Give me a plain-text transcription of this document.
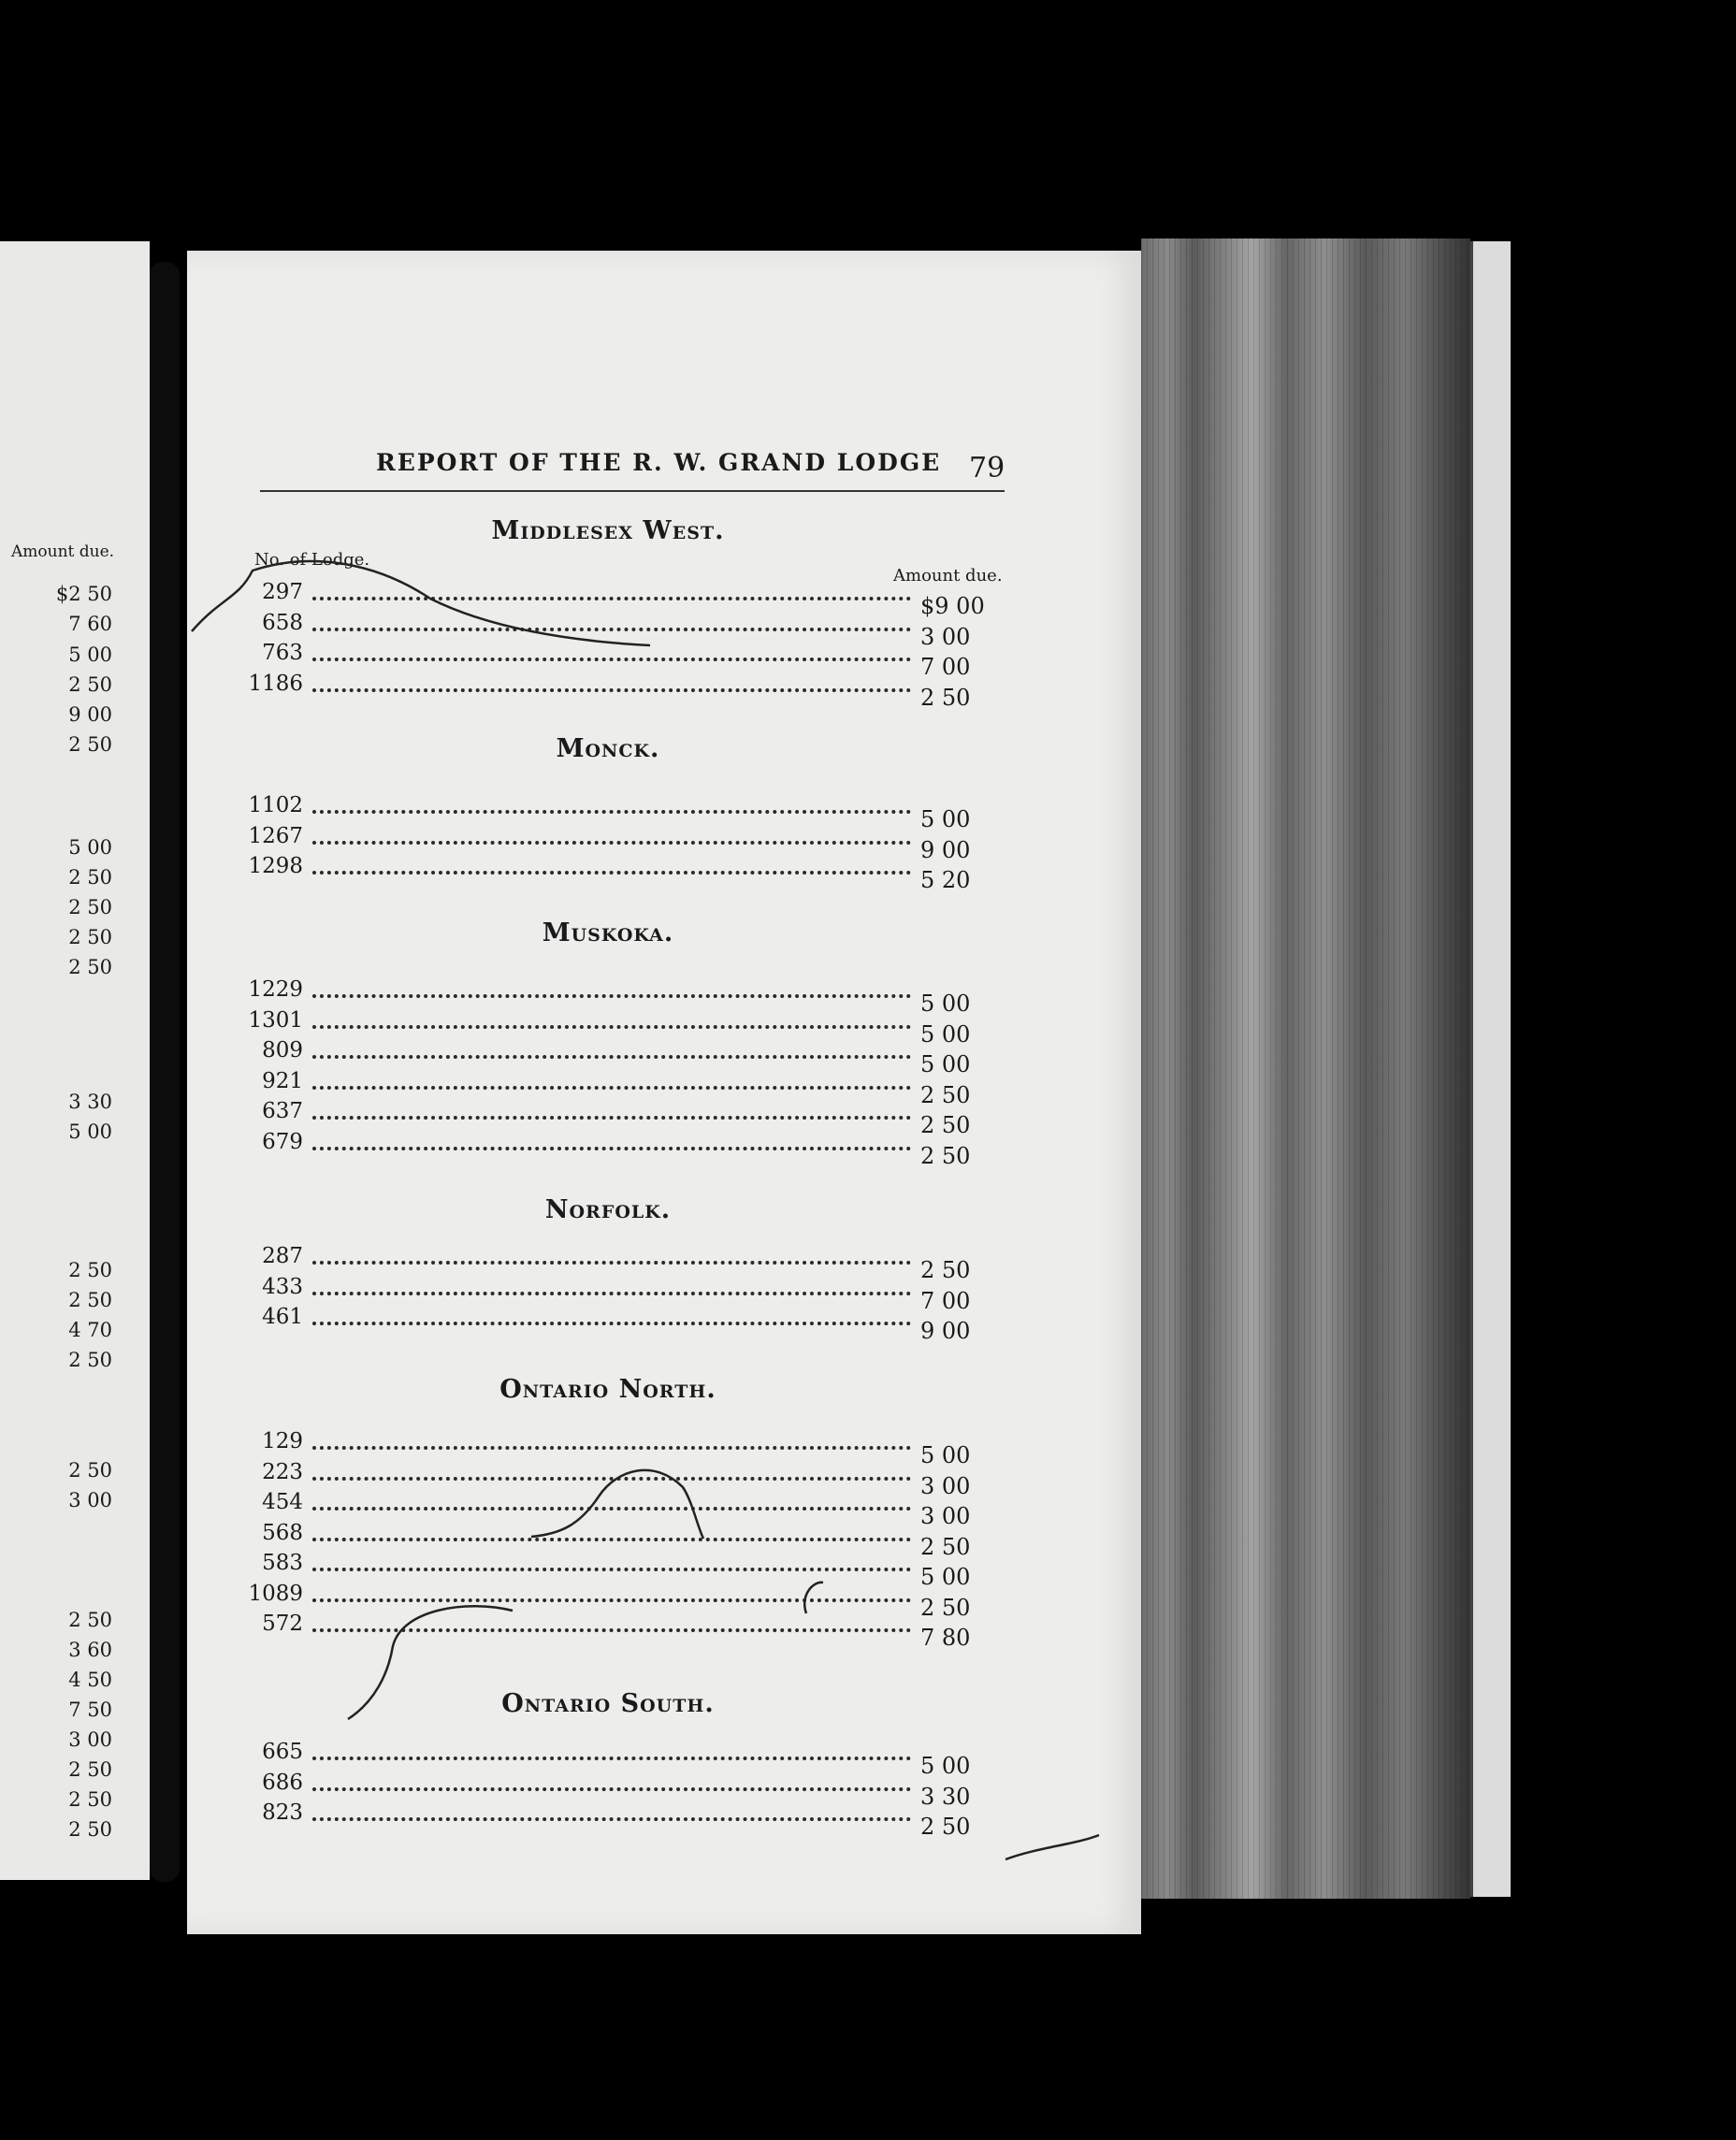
Amount due.
$2 50
7 60
5 00
2 50
9 00
2 50
5 00
2 50
2 50
2 50
2 50
3 30
5 00
2 50
2 50
4 70
2 50
2 50
3 00
2 50
3 60
4 50
7 50
3 00
2 50
2 50
2 50
REPORT OF THE R. W. GRAND LODGE 79
No. of Lodge.
Amount due.
Middlesex West.
297
$9 00
658
3 00
763
7 00
1186
2 50
Monck.
1102
5 00
1267
9 00
1298
5 20
Muskoka.
1229
5 00
1301
5 00
809
5 00
921
2 50
637
2 50
679
2 50
Norfolk.
287
2 50
433
7 00
461
9 00
Ontario North.
129
5 00
223
3 00
454
3 00
568
2 50
583
5 00
1089
2 50
572
7 80
Ontario South.
665
5 00
686
3 30
823
2 50
